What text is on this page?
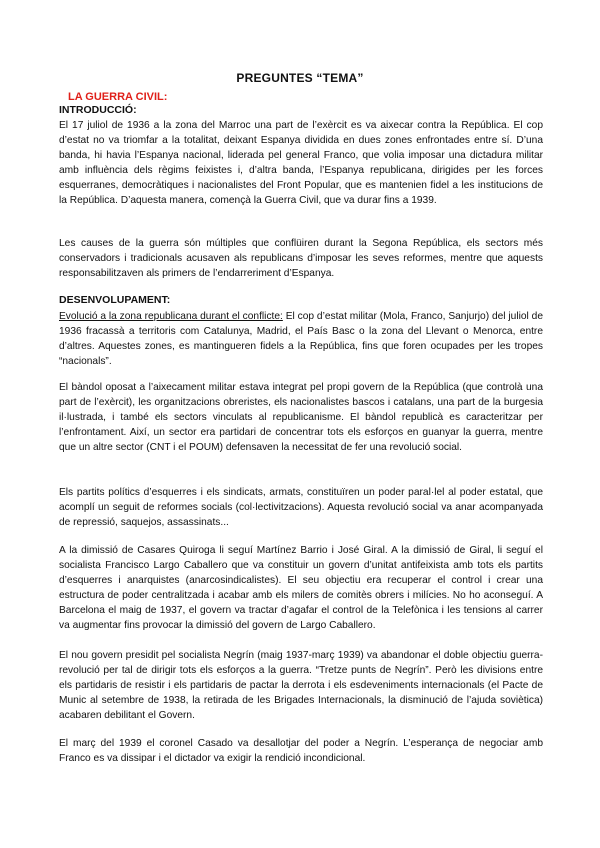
PREGUNTES “TEMA”
LA GUERRA CIVIL:
INTRODUCCIÓ:

El 17 juliol de 1936 a la zona del Marroc una part de l’exèrcit es va aixecar contra la República. El cop d’estat no va triomfar a la totalitat, deixant Espanya dividida en dues zones enfrontades entre sí. D’una banda, hi havia l’Espanya nacional, liderada pel general Franco, que volia imposar una dictadura militar amb influència dels règims feixistes i, d’altra banda, l’Espanya republicana, dirigides per les forces esquerranes, democràtiques i nacionalistes del Front Popular, que es mantenien fidel a les institucions de la República. D’aquesta manera, començà la Guerra Civil, que va durar fins a 1939.

Les causes de la guerra són múltiples que conflüiren durant la Segona República, els sectors més conservadors i tradicionals acusaven als republicans d’imposar les seves reformes, mentre que aquests responsabilitzaven als primers de l’endarreriment d’Espanya.

DESENVOLUPAMENT:

Evolució a la zona republicana durant el conflicte: El cop d’estat militar (Mola, Franco, Sanjurjo) del juliol de 1936 fracassà a territoris com Catalunya, Madrid, el País Basc o la zona del Llevant o Menorca, entre d’altres. Aquestes zones, es mantingueren fidels a la República, fins que foren ocupades per les tropes “nacionals”.

El bàndol oposat a l’aixecament militar estava integrat pel propi govern de la República (que controlà una part de l’exèrcit), les organitzacions obreristes, els nacionalistes bascos i catalans, una part de la burgesia il·lustrada, i també els sectors vinculats al republicanisme. El bàndol republicà es caracteritzar per l’enfrontament. Així, un sector era partidari de concentrar tots els esforços en guanyar la guerra, mentre que un altre sector (CNT i el POUM) defensaven la necessitat de fer una revolució social.

Els partits polítics d’esquerres i els sindicats, armats, constituïren un poder paral·lel al poder estatal, que acomplí un seguit de reformes socials (col·lectivitzacions). Aquesta revolució social va anar acompanyada de repressió, saquejos, assassinats...

A la dimissió de Casares Quiroga li seguí Martínez Barrio i José Giral. A la dimissió de Giral, li seguí el socialista Francisco Largo Caballero que va constituir un govern d’unitat antifeixista amb tots els partits d’esquerres i anarquistes (anarcosindicalistes). El seu objectiu era recuperar el control i crear una estructura de poder centralitzada i acabar amb els milers de comitès obrers i milícies. No ho aconseguí. A Barcelona el maig de 1937, el govern va tractar d’agafar el control de la Telefònica i les tensions al carrer va augmentar fins provocar la dimissió del govern de Largo Caballero.

El nou govern presidit pel socialista Negrín (maig 1937-març 1939) va abandonar el doble objectiu guerra-revolució per tal de dirigir tots els esforços a la guerra. “Tretze punts de Negrín”. Però les divisions entre els partidaris de resistir i els partidaris de pactar la derrota i els esdeveniments internacionals (el Pacte de Munic al setembre de 1938, la retirada de les Brigades Internacionals, la disminució de l’ajuda soviètica) acabaren debilitant el Govern.

El març del 1939 el coronel Casado va desallotjar del poder a Negrín. L’esperança de negociar amb Franco es va dissipar i el dictador va exigir la rendició incondicional.
